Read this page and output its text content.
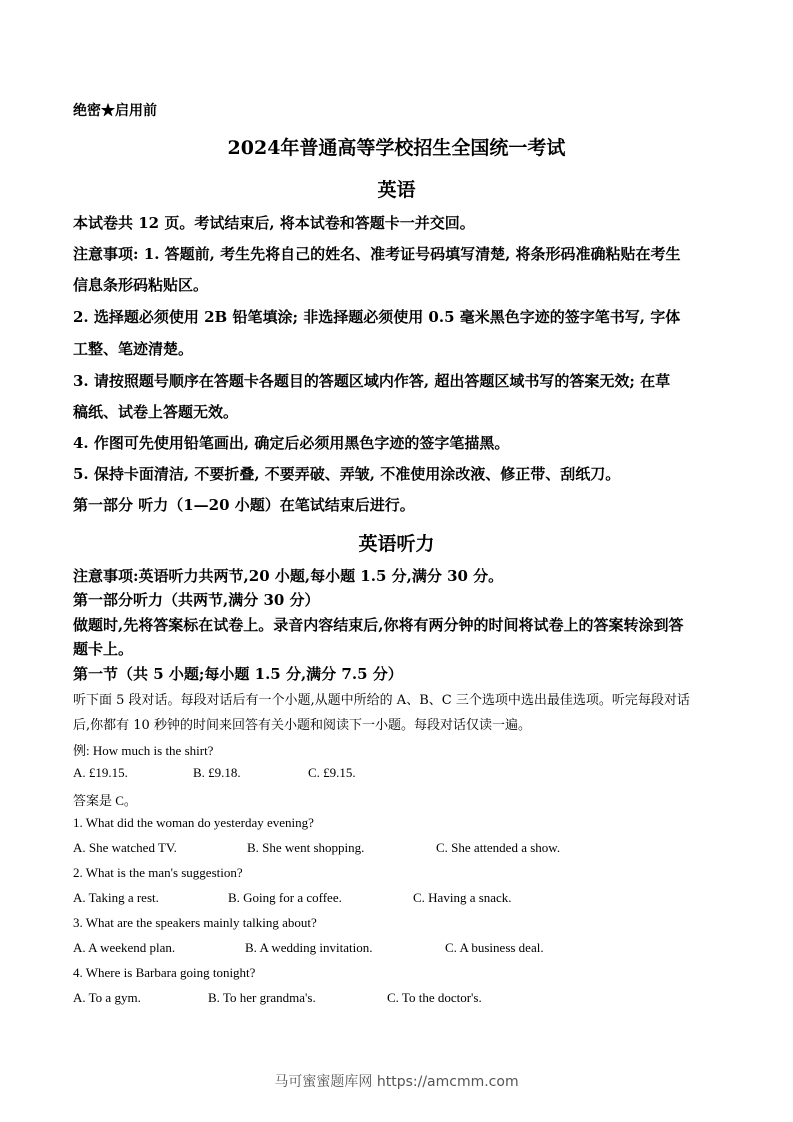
绝密★启用前
2024年普通高等学校招生全国统一考试
英语
本试卷共 12 页。考试结束后, 将本试卷和答题卡一并交回。
注意事项: 1. 答题前, 考生先将自己的姓名、准考证号码填写清楚, 将条形码准确粘贴在考生
信息条形码粘贴区。
2. 选择题必须使用 2B 铅笔填涂; 非选择题必须使用 0.5 毫米黑色字迹的签字笔书写, 字体
工整、笔迹清楚。
3. 请按照题号顺序在答题卡各题目的答题区域内作答, 超出答题区域书写的答案无效; 在草
稿纸、试卷上答题无效。
4. 作图可先使用铅笔画出, 确定后必须用黑色字迹的签字笔描黑。
5. 保持卡面清洁, 不要折叠, 不要弄破、弄皱, 不准使用涂改液、修正带、刮纸刀。
第一部分 听力（1—20 小题）在笔试结束后进行。
英语听力
注意事项:英语听力共两节,20 小题,每小题 1.5 分,满分 30 分。
第一部分听力（共两节,满分 30 分）
做题时,先将答案标在试卷上。录音内容结束后,你将有两分钟的时间将试卷上的答案转涂到答
题卡上。
第一节（共 5 小题;每小题 1.5 分,满分 7.5 分）
听下面 5 段对话。每段对话后有一个小题,从题中所给的 A、B、C 三个选项中选出最佳选项。听完每段对话
后,你都有 10 秒钟的时间来回答有关小题和阅读下一小题。每段对话仅读一遍。
例: How much is the shirt?
A. £19.15.	B. £9.18.	C. £9.15.
答案是 C。
1. What did the woman do yesterday evening?
A. She watched TV.	B. She went shopping.	C. She attended a show.
2. What is the man's suggestion?
A. Taking a rest.	B. Going for a coffee.	C. Having a snack.
3. What are the speakers mainly talking about?
A. A weekend plan.	B. A wedding invitation.	C. A business deal.
4. Where is Barbara going tonight?
A. To a gym.	B. To her grandma's.	C. To the doctor's.
马可蜜蜜题库网 https://amcmm.com
